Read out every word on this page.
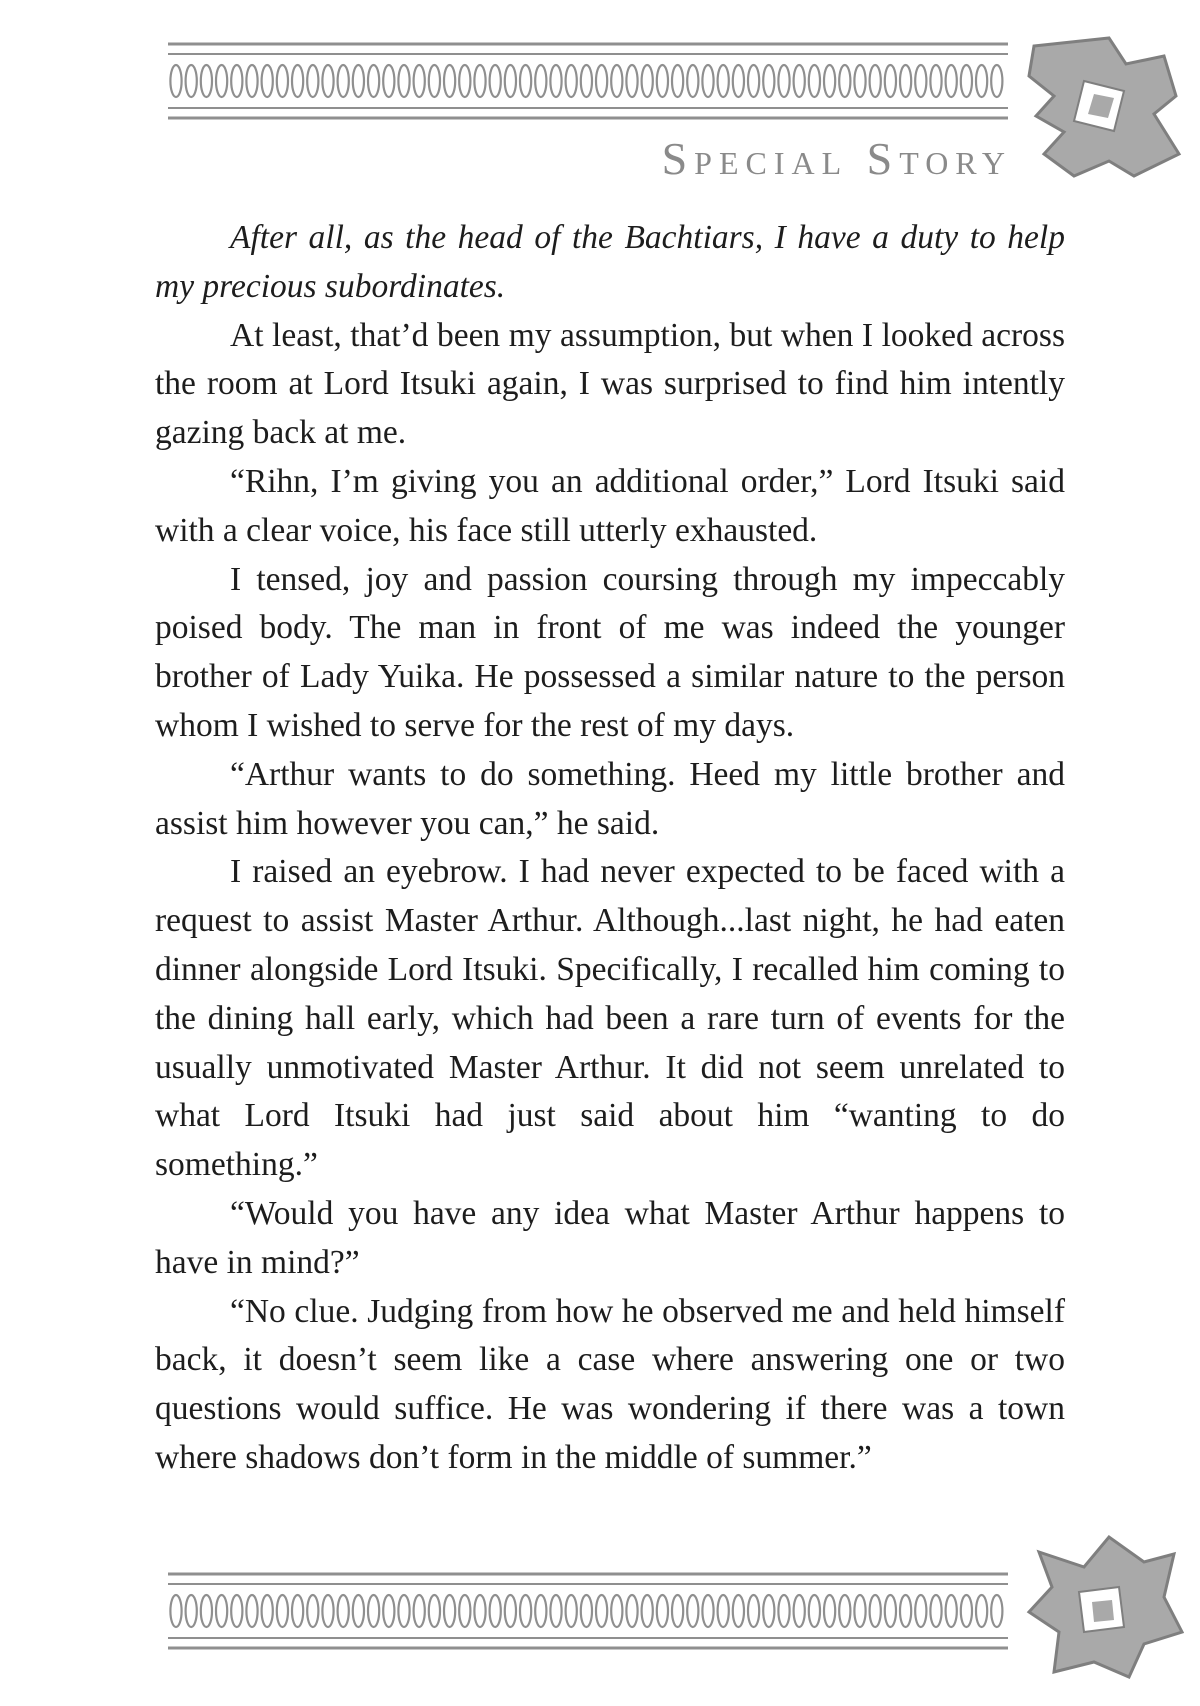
Special Story

After all, as the head of the Bachtiars, I have a duty to help my precious subordinates.

At least, that’d been my assumption, but when I looked across the room at Lord Itsuki again, I was surprised to find him intently gazing back at me.

“Rihn, I’m giving you an additional order,” Lord Itsuki said with a clear voice, his face still utterly exhausted.

I tensed, joy and passion coursing through my impeccably poised body. The man in front of me was indeed the younger brother of Lady Yuika. He possessed a similar nature to the person whom I wished to serve for the rest of my days.

“Arthur wants to do something. Heed my little brother and assist him however you can,” he said.

I raised an eyebrow. I had never expected to be faced with a request to assist Master Arthur. Although...last night, he had eaten dinner alongside Lord Itsuki. Specifically, I recalled him coming to the dining hall early, which had been a rare turn of events for the usually unmotivated Master Arthur. It did not seem unrelated to what Lord Itsuki had just said about him “wanting to do something.”

“Would you have any idea what Master Arthur happens to have in mind?”

“No clue. Judging from how he observed me and held himself back, it doesn’t seem like a case where answering one or two questions would suffice. He was wondering if there was a town where shadows don’t form in the middle of summer.”
